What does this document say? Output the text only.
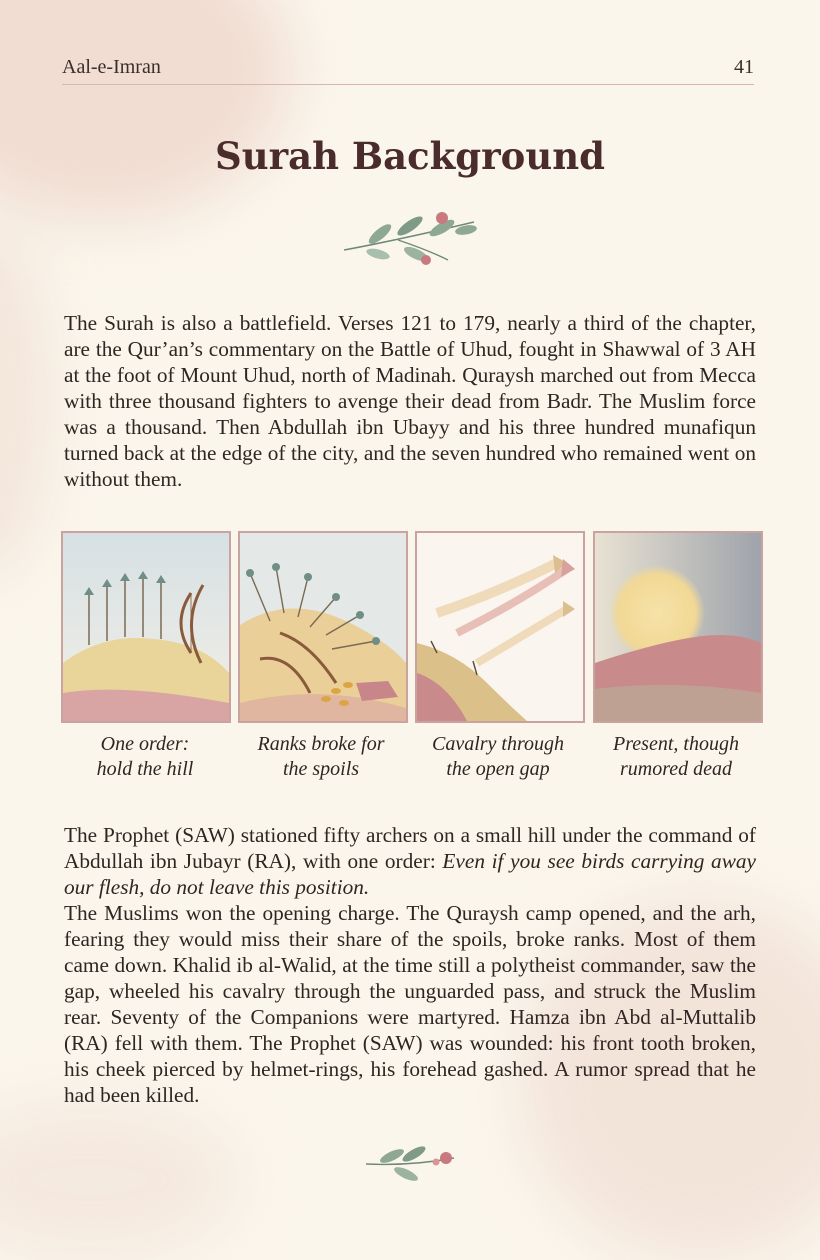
Aal-e-Imran	41
Surah Background

The Surah is also a battlefield. Verses 121 to 179, nearly a third of the chapter, are the Qur’an’s commentary on the Battle of Uhud, fought in Shawwal of 3 AH at the foot of Mount Uhud, north of Madinah. Quraysh marched out from Mecca with three thousand fighters to avenge their dead from Badr. The Muslim force was a thousand. Then Abdullah ibn Ubayy and his three hundred munafiqun turned back at the edge of the city, and the seven hundred who remained went on without them.

One order:
hold the hill
Ranks broke for
the spoils
Cavalry through
the open gap
Present, though
rumored dead

The Prophet (SAW) stationed fifty archers on a small hill under the command of Abdullah ibn Jubayr (RA), with one order: Even if you see birds carrying away our flesh, do not leave this position.

The Muslims won the opening charge. The Quraysh camp opened, and the arh, fearing they would miss their share of the spoils, broke ranks. Most of them came down. Khalid ib al-Walid, at the time still a polytheist commander, saw the gap, wheeled his cavalry through the unguarded pass, and struck the Muslim rear. Seventy of the Companions were martyred. Hamza ibn Abd al-Muttalib (RA) fell with them. The Prophet (SAW) was wounded: his front tooth broken, his cheek pierced by helmet-rings, his forehead gashed. A rumor spread that he had been killed.
